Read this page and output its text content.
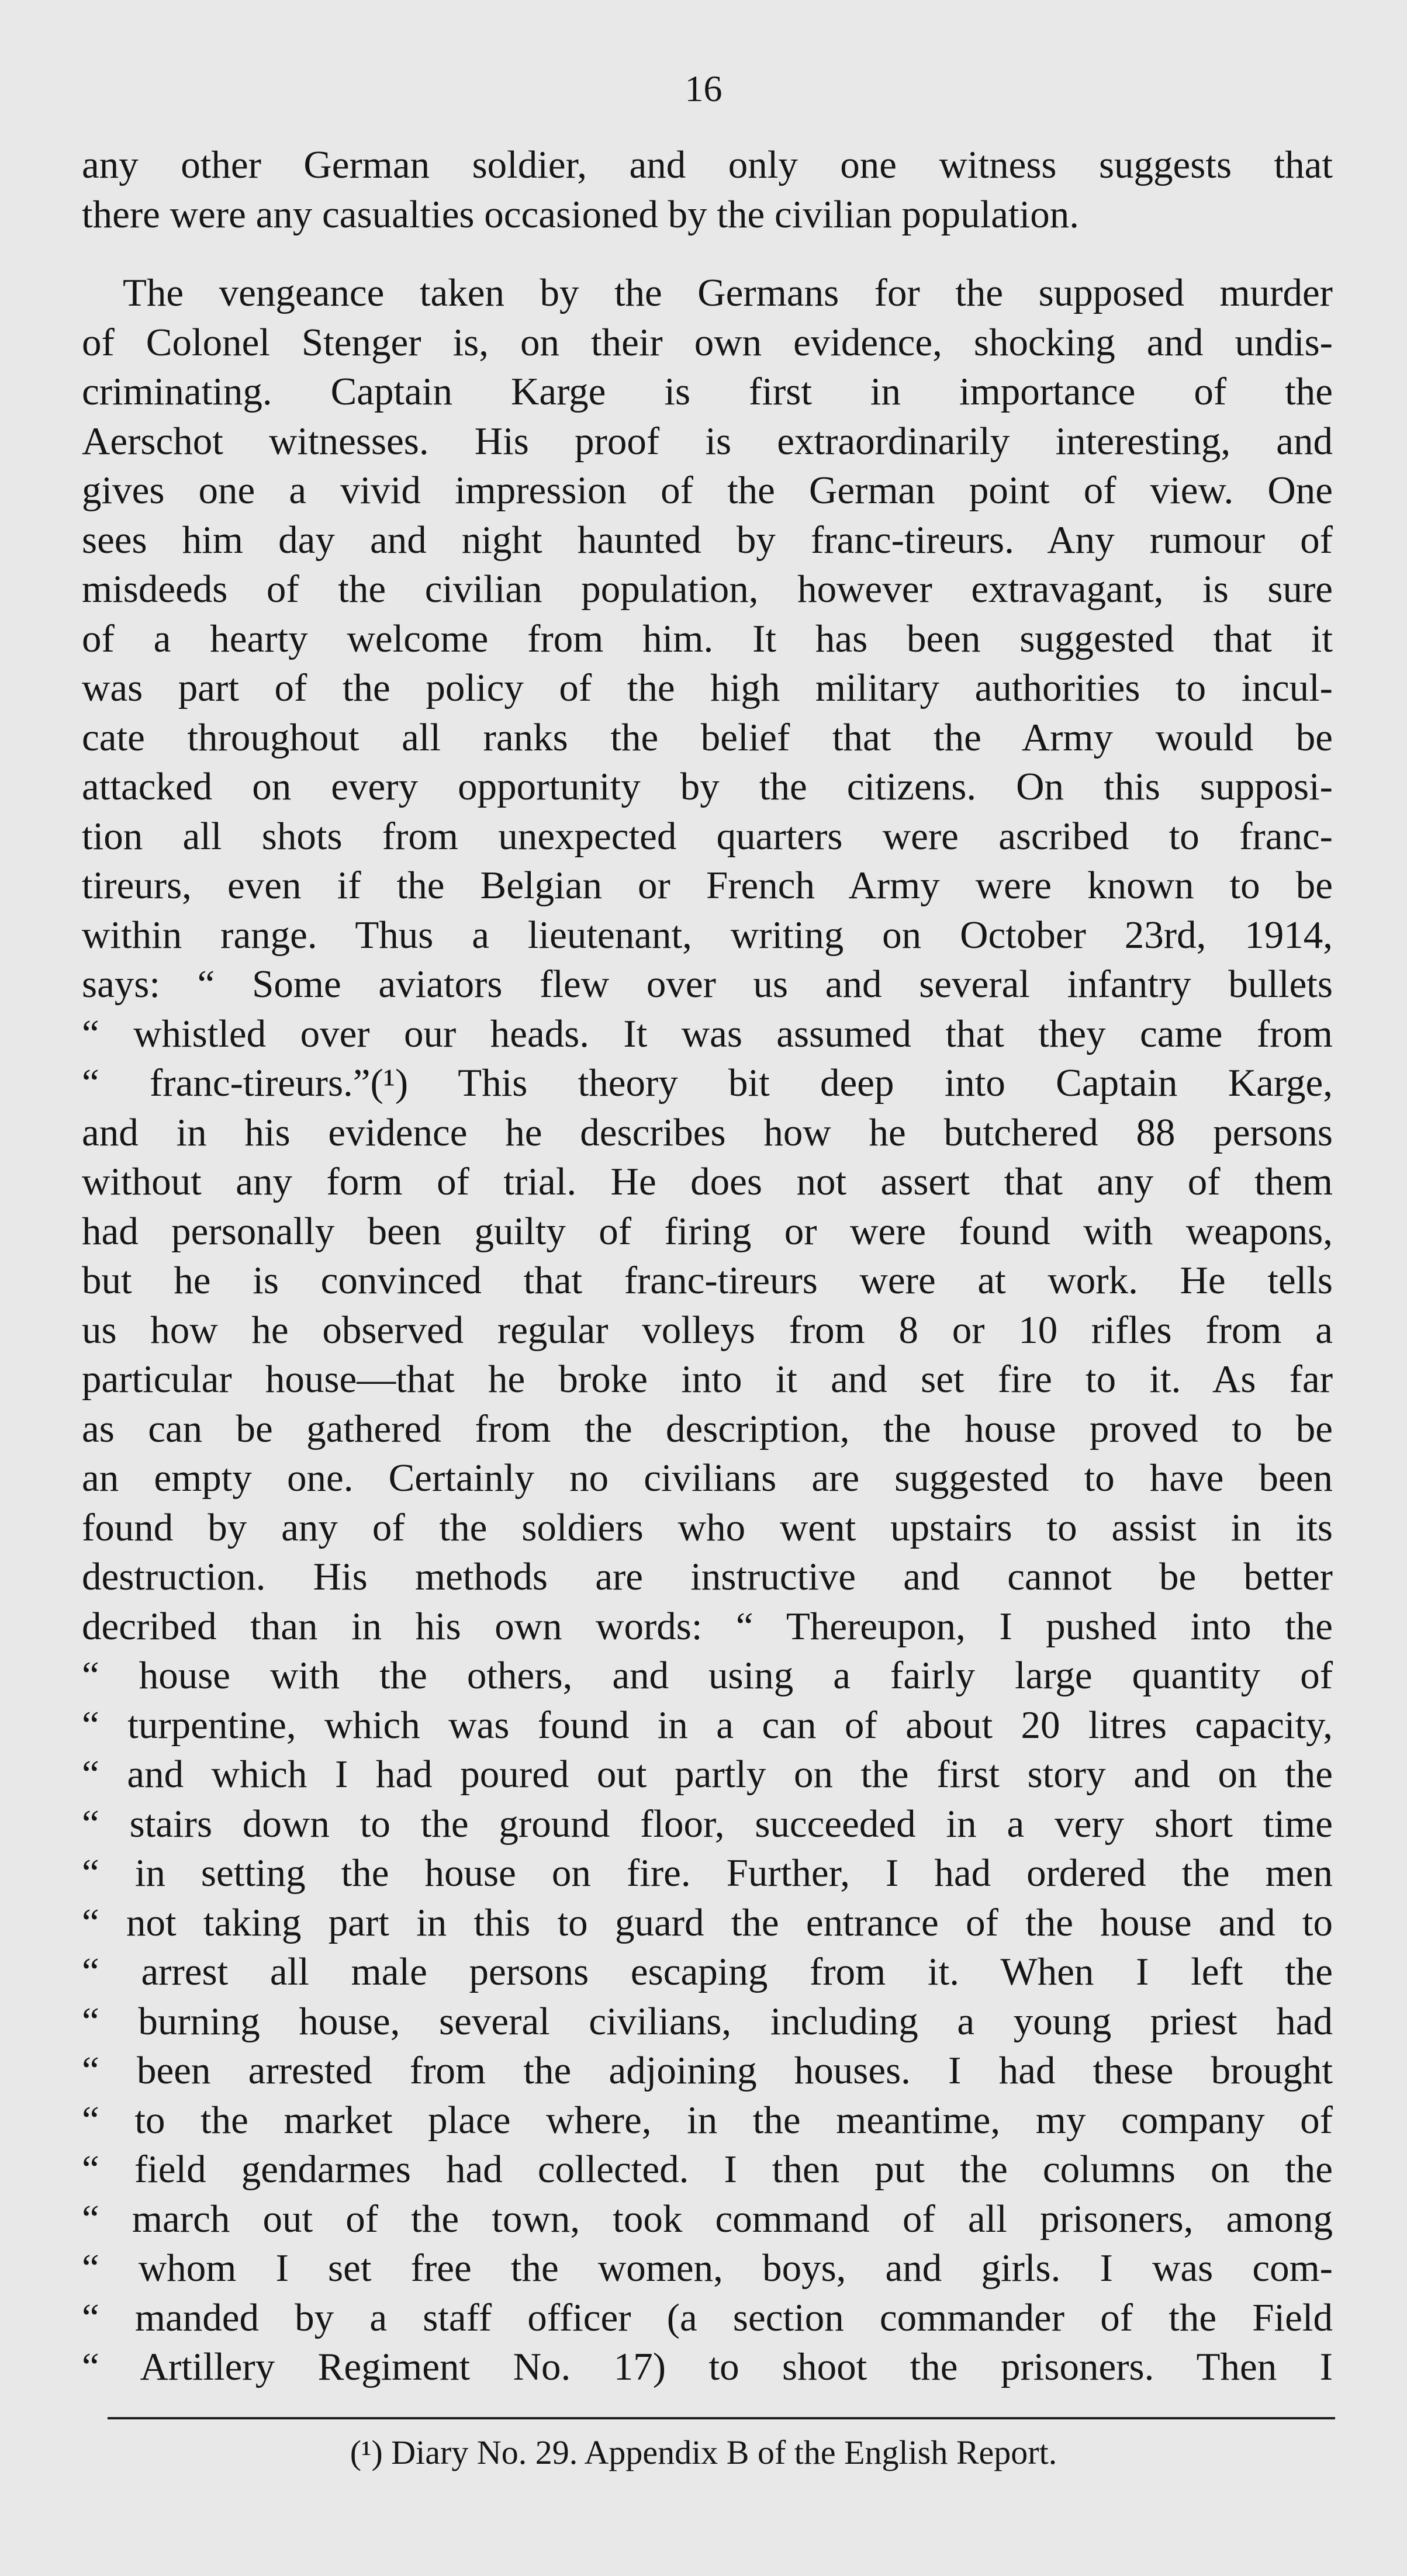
16
any other German soldier, and only one witness suggests that
there were any casualties occasioned by the civilian population.
The vengeance taken by the Germans for the supposed murder
of Colonel Stenger is, on their own evidence, shocking and undis-
criminating. Captain Karge is first in importance of the
Aerschot witnesses. His proof is extraordinarily interesting, and
gives one a vivid impression of the German point of view. One
sees him day and night haunted by franc-tireurs. Any rumour of
misdeeds of the civilian population, however extravagant, is sure
of a hearty welcome from him. It has been suggested that it
was part of the policy of the high military authorities to incul-
cate throughout all ranks the belief that the Army would be
attacked on every opportunity by the citizens. On this supposi-
tion all shots from unexpected quarters were ascribed to franc-
tireurs, even if the Belgian or French Army were known to be
within range. Thus a lieutenant, writing on October 23rd, 1914,
says: “ Some aviators flew over us and several infantry bullets
“ whistled over our heads. It was assumed that they came from
“ franc-tireurs.”(¹) This theory bit deep into Captain Karge,
and in his evidence he describes how he butchered 88 persons
without any form of trial. He does not assert that any of them
had personally been guilty of firing or were found with weapons,
but he is convinced that franc-tireurs were at work. He tells
us how he observed regular volleys from 8 or 10 rifles from a
particular house—that he broke into it and set fire to it. As far
as can be gathered from the description, the house proved to be
an empty one. Certainly no civilians are suggested to have been
found by any of the soldiers who went upstairs to assist in its
destruction. His methods are instructive and cannot be better
decribed than in his own words: “ Thereupon, I pushed into the
“ house with the others, and using a fairly large quantity of
“ turpentine, which was found in a can of about 20 litres capacity,
“ and which I had poured out partly on the first story and on the
“ stairs down to the ground floor, succeeded in a very short time
“ in setting the house on fire. Further, I had ordered the men
“ not taking part in this to guard the entrance of the house and to
“ arrest all male persons escaping from it. When I left the
“ burning house, several civilians, including a young priest had
“ been arrested from the adjoining houses. I had these brought
“ to the market place where, in the meantime, my company of
“ field gendarmes had collected. I then put the columns on the
“ march out of the town, took command of all prisoners, among
“ whom I set free the women, boys, and girls. I was com-
“ manded by a staff officer (a section commander of the Field
“ Artillery Regiment No. 17) to shoot the prisoners. Then I
(¹) Diary No. 29. Appendix B of the English Report.
